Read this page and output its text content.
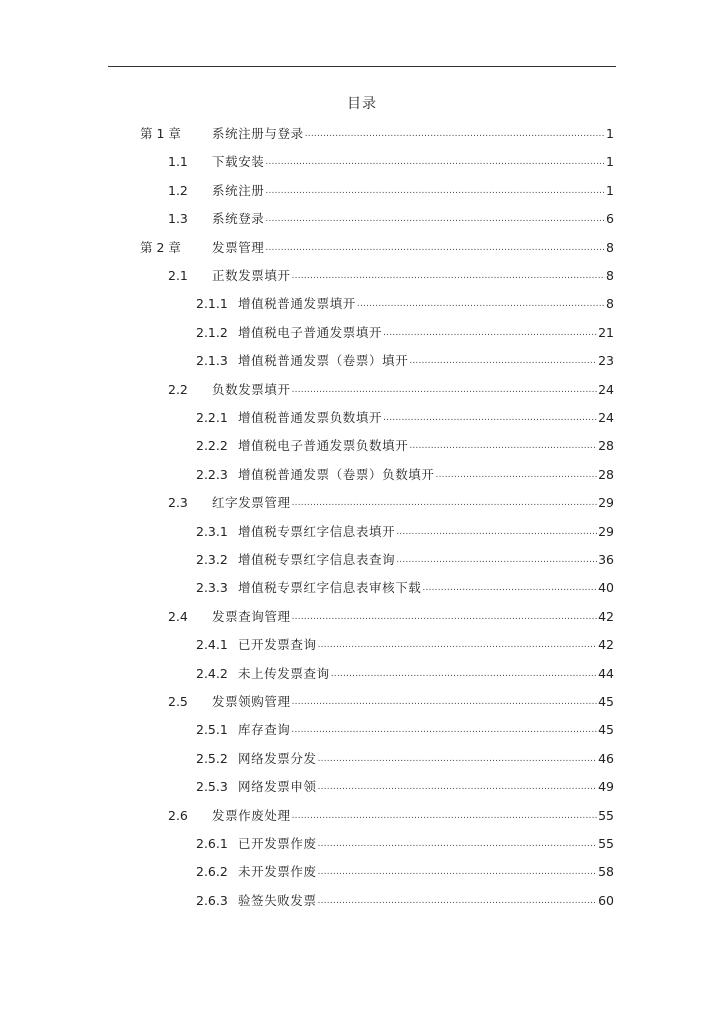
目录
第 1 章	系统注册与登录 .....	1
1.1	下载安装 .....	1
1.2	系统注册 .....	1
1.3	系统登录 .....	6
第 2 章	发票管理 .....	8
2.1	正数发票填开 .....	8
2.1.1 增值税普通发票填开 .....	8
2.1.2 增值税电子普通发票填开 .....	21
2.1.3 增值税普通发票（卷票）填开 .....	23
2.2	负数发票填开 .....	24
2.2.1 增值税普通发票负数填开 .....	24
2.2.2 增值税电子普通发票负数填开 .....	28
2.2.3 增值税普通发票（卷票）负数填开 .....	28
2.3	红字发票管理 .....	29
2.3.1 增值税专票红字信息表填开 .....	29
2.3.2 增值税专票红字信息表查询 .....	36
2.3.3 增值税专票红字信息表审核下载 .....	40
2.4	发票查询管理 .....	42
2.4.1 已开发票查询 .....	42
2.4.2 未上传发票查询 .....	44
2.5	发票领购管理 .....	45
2.5.1 库存查询 .....	45
2.5.2 网络发票分发 .....	46
2.5.3 网络发票申领 .....	49
2.6	发票作废处理 .....	55
2.6.1 已开发票作废 .....	55
2.6.2 未开发票作废 .....	58
2.6.3 验签失败发票 .....	60
